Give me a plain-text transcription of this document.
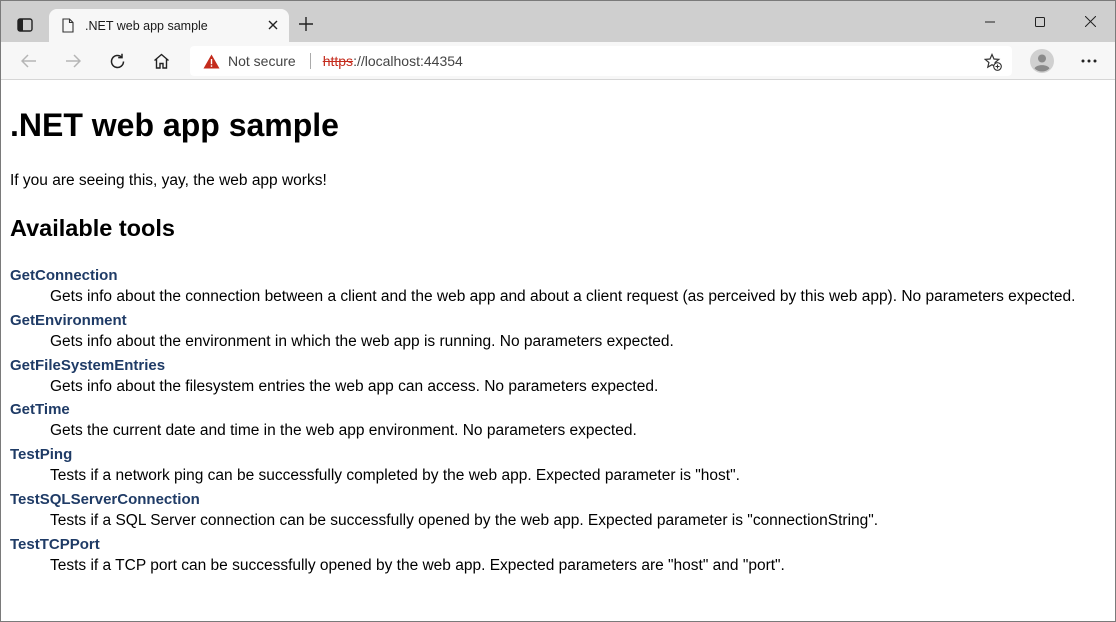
.NET web app sample
Not secure https://localhost:44354
.NET web app sample

If you are seeing this, yay, the web app works!

Available tools
GetConnection
Gets info about the connection between a client and the web app and about a client request (as perceived by this web app). No parameters expected.
GetEnvironment
Gets info about the environment in which the web app is running. No parameters expected.
GetFileSystemEntries
Gets info about the filesystem entries the web app can access. No parameters expected.
GetTime
Gets the current date and time in the web app environment. No parameters expected.
TestPing
Tests if a network ping can be successfully completed by the web app. Expected parameter is "host".
TestSQLServerConnection
Tests if a SQL Server connection can be successfully opened by the web app. Expected parameter is "connectionString".
TestTCPPort
Tests if a TCP port can be successfully opened by the web app. Expected parameters are "host" and "port".
